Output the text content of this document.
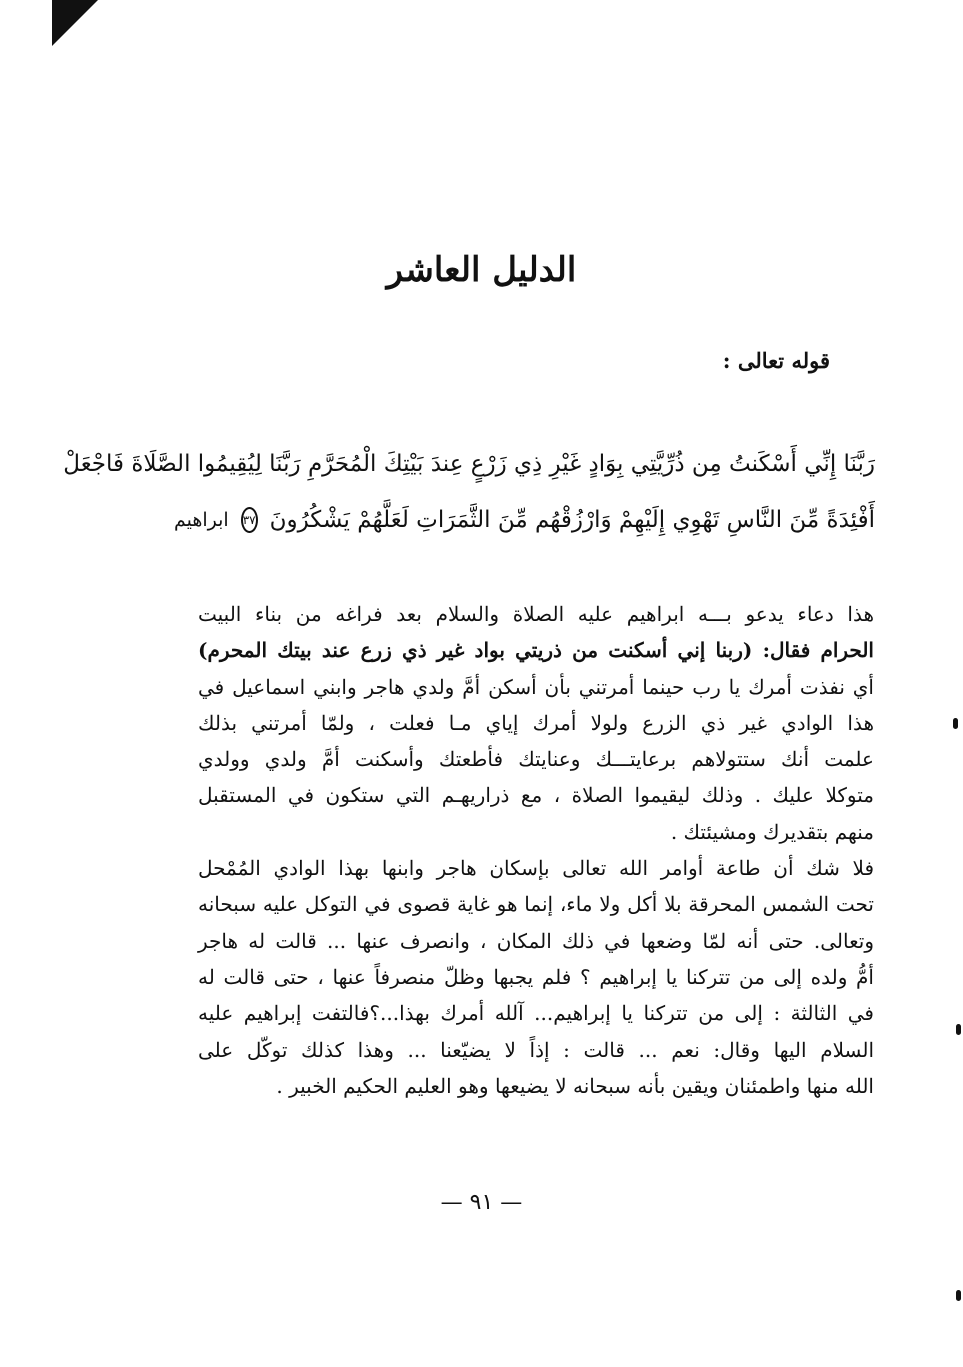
الدليل العاشر
قوله تعالى :
رَبَّنَا إِنِّي أَسْكَنتُ مِن ذُرِّيَّتِي بِوَادٍ غَيْرِ ذِي زَرْعٍ عِندَ بَيْتِكَ الْمُحَرَّمِ رَبَّنَا لِيُقِيمُوا الصَّلَاةَ فَاجْعَلْ
أَفْئِدَةً مِّنَ النَّاسِ تَهْوِي إِلَيْهِمْ وَارْزُقْهُم مِّنَ الثَّمَرَاتِ لَعَلَّهُمْ يَشْكُرُونَ
٣٧
ابراهيم
هذا دعاء يدعو بـــه ابراهيم عليه الصلاة والسلام بعد فراغه من بناء البيت
الحرام فقال: (ربنا إني أسكنت من ذريتي بواد غير ذي زرع عند بيتك المحرم)
أي نفذت أمرك يا رب حينما أمرتني بأن أسكن أمَّ ولدي هاجر وابني اسماعيل في
هذا الوادي غير ذي الزرع ولولا أمرك إياي مـا فعلت ، ولمّا أمرتني بذلك
علمت أنك ستتولاهم برعايتـــك وعنايتك فأطعتك وأسكنت أمَّ ولدي وولدي
متوكلا عليك . وذلك ليقيموا الصلاة ، مع ذراريهـم التي ستكون في المستقبل
منهم بتقديرك ومشيئتك .
فلا شك أن طاعة أوامر الله تعالى بإسكان هاجر وابنها بهذا الوادي المُمْحل
تحت الشمس المحرقة بلا أكل ولا ماء، إنما هو غاية قصوى في التوكل عليه سبحانه
وتعالى. حتى أنه لمّا وضعها في ذلك المكان ، وانصرف عنها ... قالت له هاجر
أمُّ ولده إلى من تتركنا يا إبراهيم ؟ فلم يجبها وظلّ منصرفاً عنها ، حتى قالت له
في الثالثة : إلى من تتركنا يا إبراهيم... آلله أمرك بهذا...؟فالتفت إبراهيم عليه
السلام اليها وقال: نعم ... قالت : إذاً لا يضيّعنا ... وهذا كذلك توكّل على
الله منها واطمئنان ويقين بأنه سبحانه لا يضيعها وهو العليم الحكيم الخبير .
— ٩١ —
